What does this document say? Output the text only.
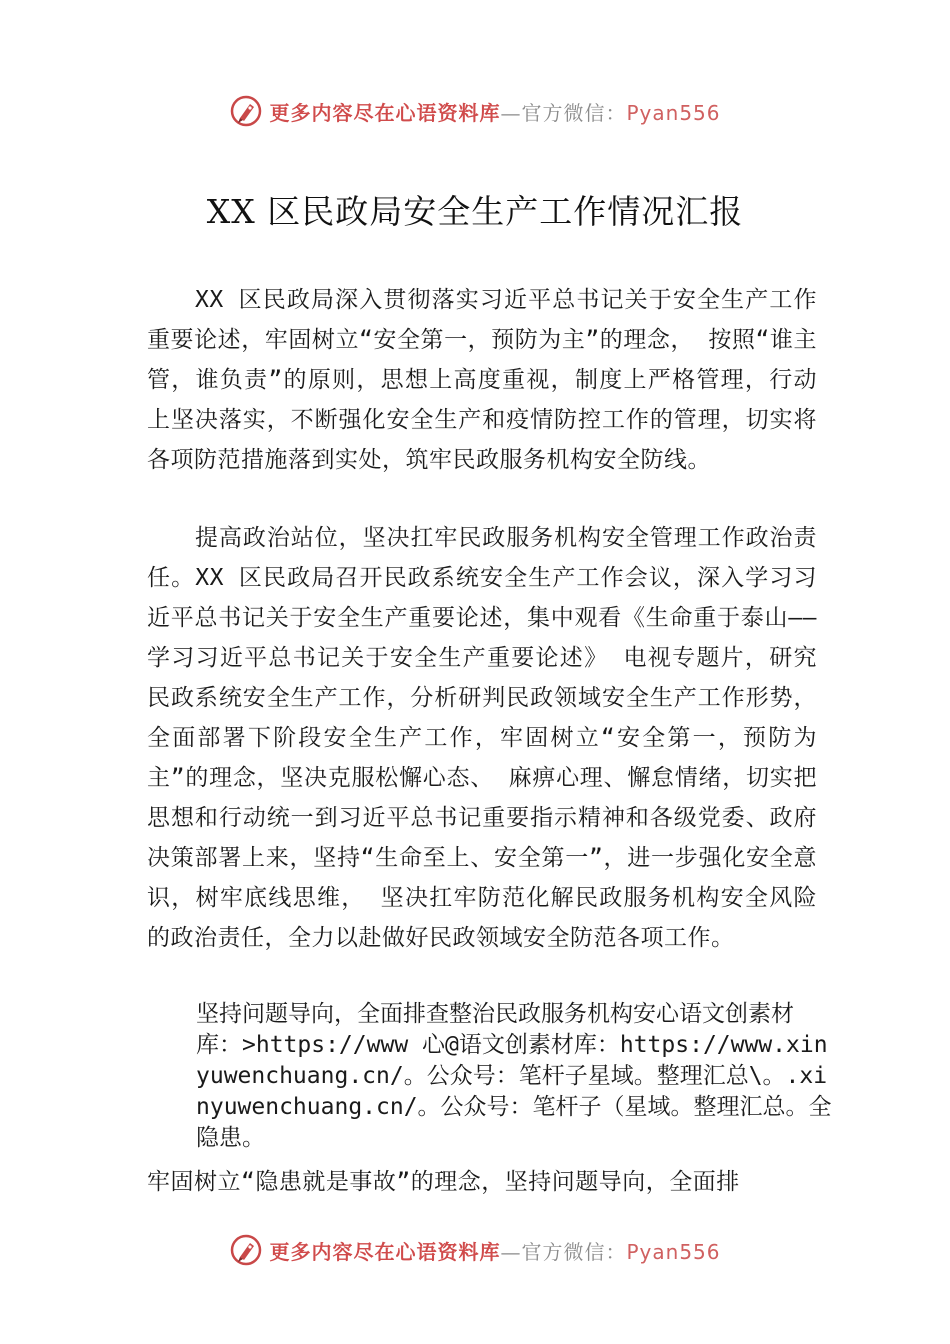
更多内容尽在心语资料库—官方微信：Pyan556
XX 区民政局安全生产工作情况汇报

XX 区民政局深入贯彻落实习近平总书记关于安全生产工作重要论述，牢固树立“安全第一，预防为主”的理念， 按照“谁主管，谁负责”的原则，思想上高度重视，制度上严格管理，行动上坚决落实，不断强化安全生产和疫情防控工作的管理，切实将各项防范措施落到实处，筑牢民政服务机构安全防线。

提高政治站位，坚决扛牢民政服务机构安全管理工作政治责任。XX 区民政局召开民政系统安全生产工作会议，深入学习习近平总书记关于安全生产重要论述，集中观看《生命重于泰山——学习习近平总书记关于安全生产重要论述》 电视专题片，研究民政系统安全生产工作，分析研判民政领域安全生产工作形势，全面部署下阶段安全生产工作，牢固树立“安全第一，预防为主”的理念，坚决克服松懈心态、 麻痹心理、懈怠情绪，切实把思想和行动统一到习近平总书记重要指示精神和各级党委、政府决策部署上来，坚持“生命至上、安全第一”，进一步强化安全意识，树牢底线思维， 坚决扛牢防范化解民政服务机构安全风险的政治责任，全力以赴做好民政领域安全防范各项工作。

坚持问题导向，全面排查整治民政服务机构安心语文创素材库：>https://www 心@语文创素材库：https://www.xinyuwenchuang.cn/。公众号：笔杆子星域。整理汇总\。.xinyuwenchuang.cn/。公众号：笔杆子（星域。整理汇总。全隐患。

牢固树立“隐患就是事故”的理念，坚持问题导向，全面排

更多内容尽在心语资料库—官方微信：Pyan556
